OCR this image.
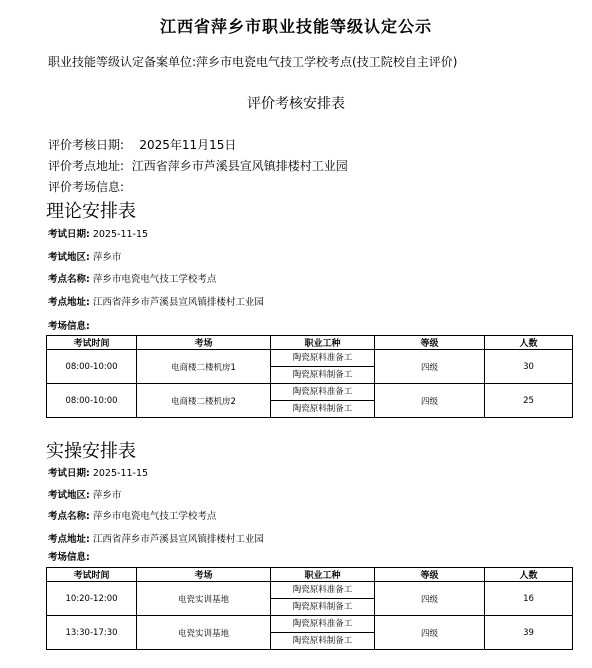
江西省萍乡市职业技能等级认定公示
职业技能等级认定备案单位:萍乡市电瓷电气技工学校考点(技工院校自主评价)
评价考核安排表
评价考核日期: 2025年11月15日
评价考点地址: 江西省萍乡市芦溪县宣风镇排楼村工业园
评价考场信息:
理论安排表
考试日期: 2025-11-15
考试地区: 萍乡市
考点名称: 萍乡市电瓷电气技工学校考点
考点地址: 江西省萍乡市芦溪县宣风镇排楼村工业园
考场信息:
考试时间	考场	职业工种	等级	人数
08:00-10:00	电商楼二楼机房1	陶瓷原料准备工
陶瓷原料制备工	四级	30
08:00-10:00	电商楼二楼机房2	陶瓷原料准备工
陶瓷原料制备工	四级	25
实操安排表
考试日期: 2025-11-15
考试地区: 萍乡市
考点名称: 萍乡市电瓷电气技工学校考点
考点地址: 江西省萍乡市芦溪县宣风镇排楼村工业园
考场信息:
考试时间	考场	职业工种	等级	人数
10:20-12:00	电瓷实训基地	陶瓷原料准备工
陶瓷原料制备工	四级	16
13:30-17:30	电瓷实训基地	陶瓷原料准备工
陶瓷原料制备工	四级	39
